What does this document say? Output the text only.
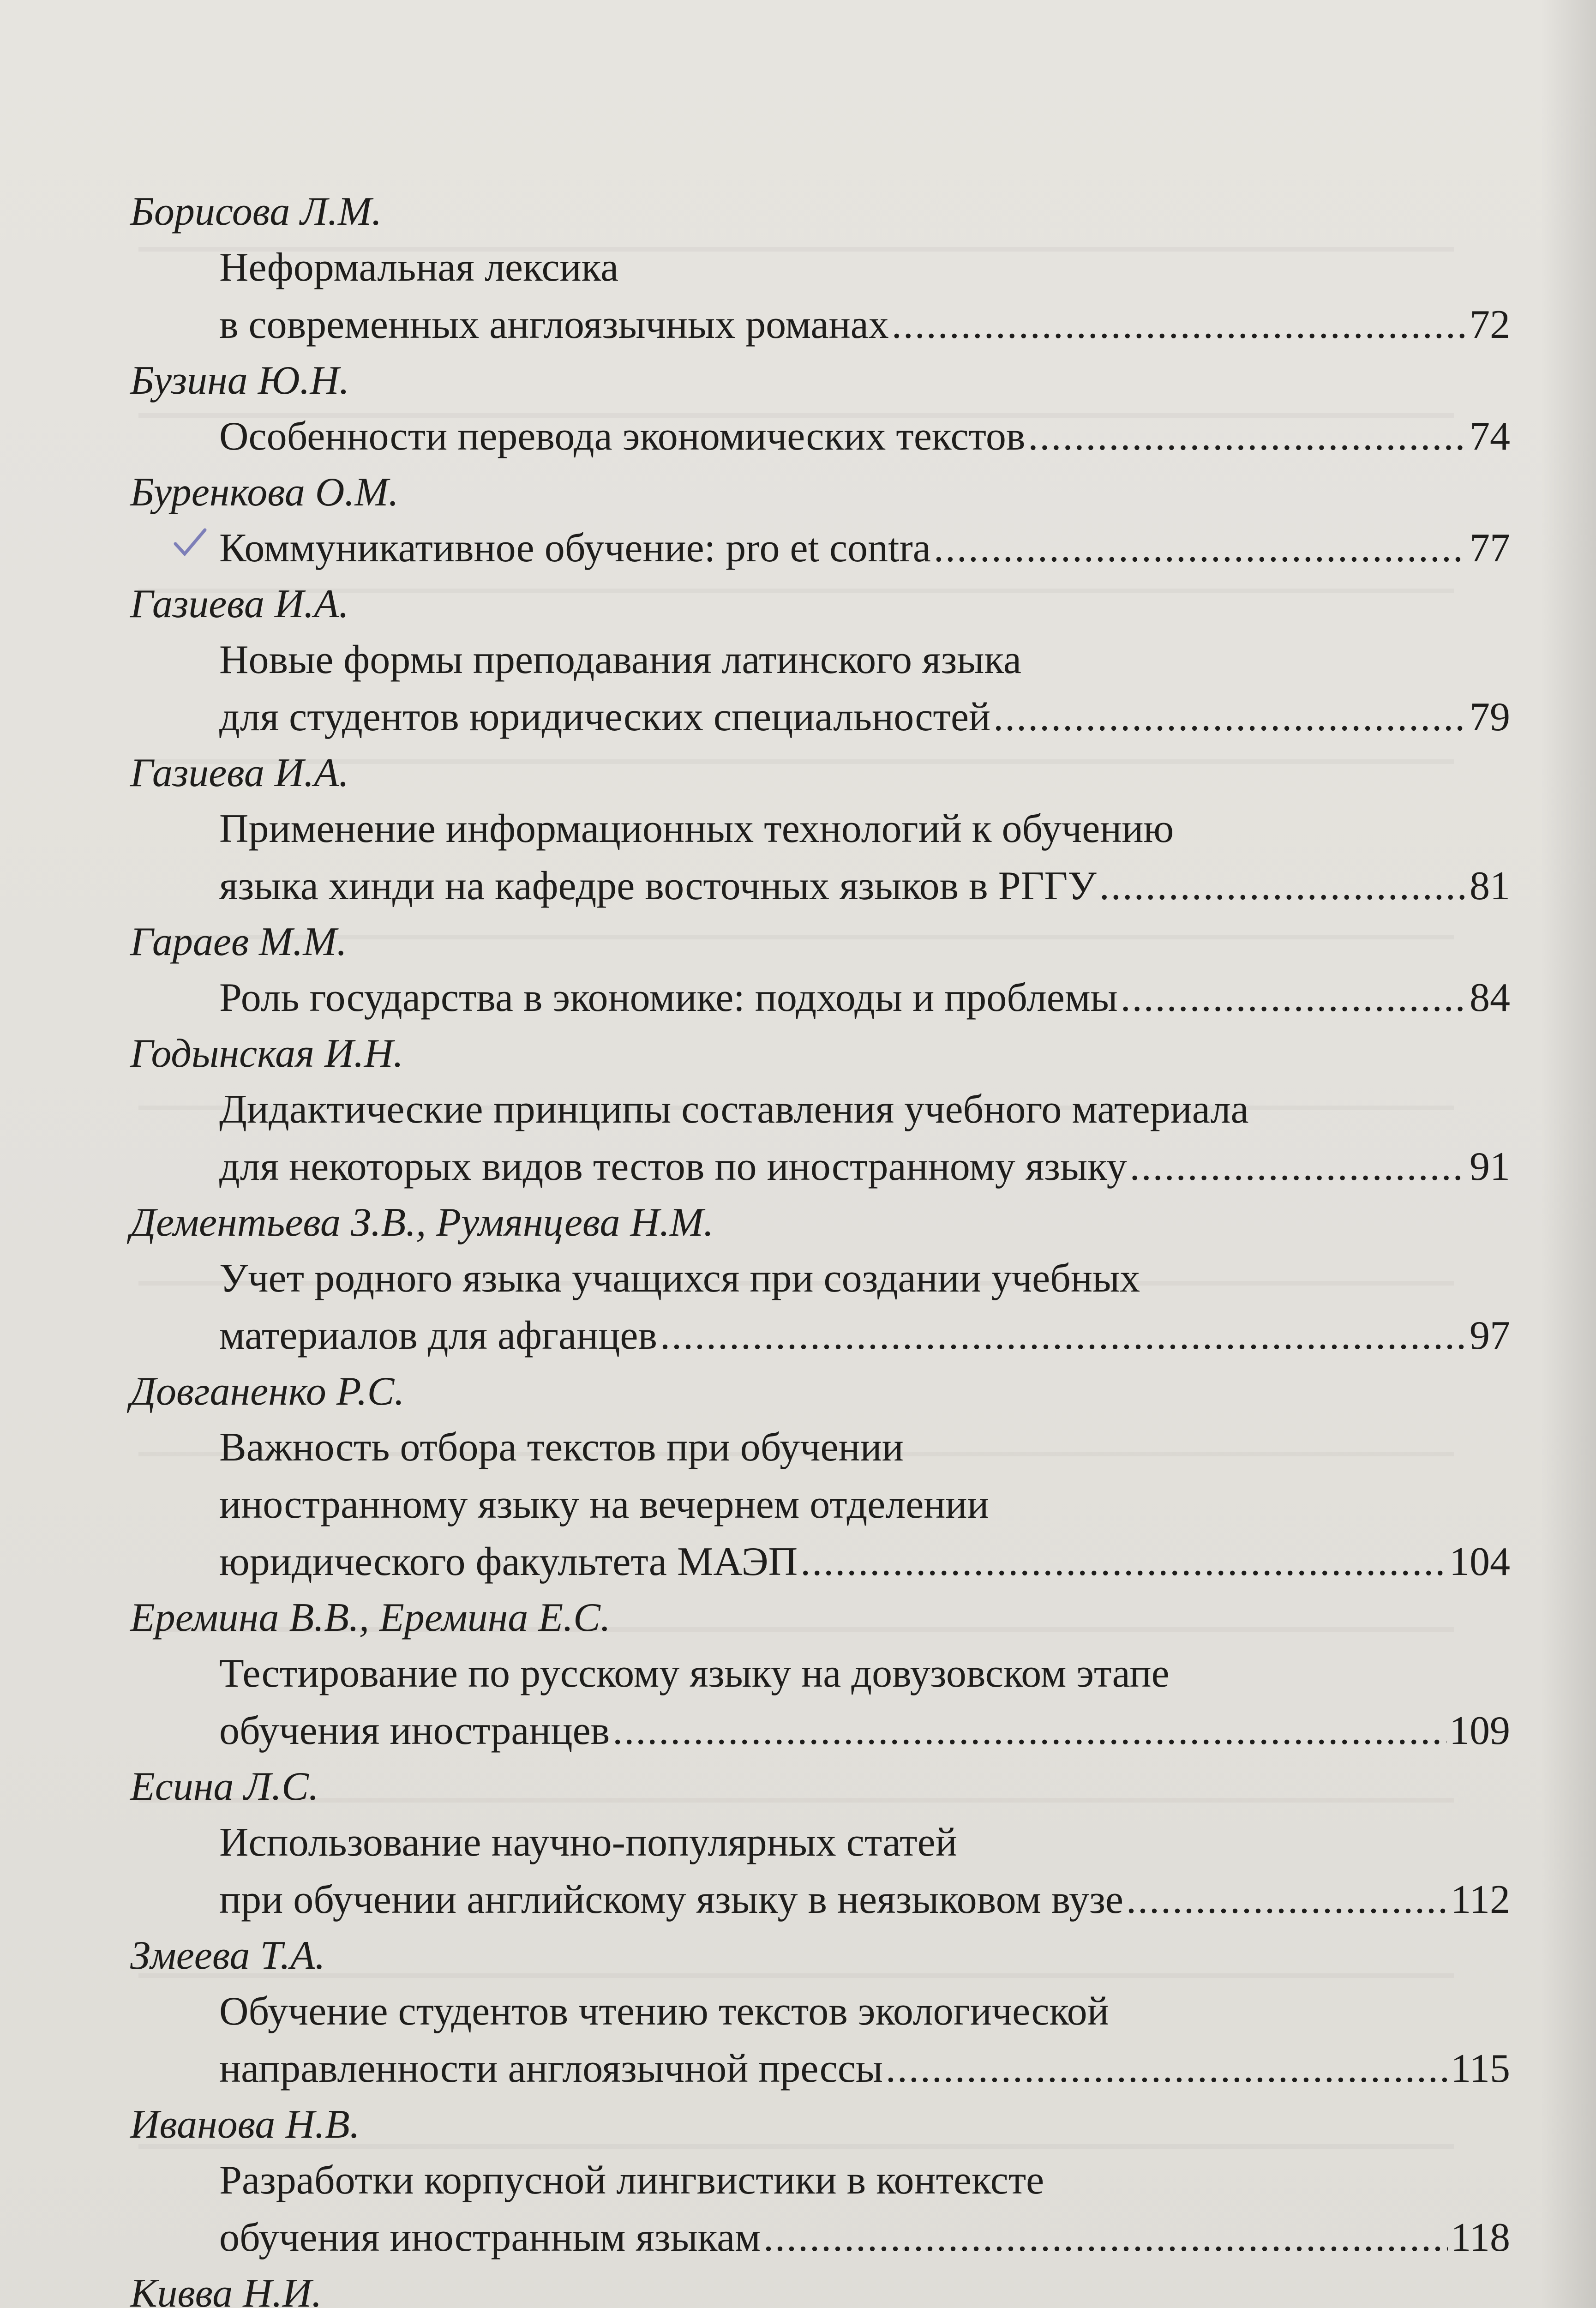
Борисова Л.М.
Неформальная лексика
в современных англоязычных романах .....	72
Бузина Ю.Н.
Особенности перевода экономических текстов .....	74
Буренкова О.М.
Коммуникативное обучение: pro et contra .....	77
Газиева И.А.
Новые формы преподавания латинского языка
для студентов юридических специальностей .....	79
Газиева И.А.
Применение информационных технологий к обучению
языка хинди на кафедре восточных языков в РГГУ .....	81
Гараев М.М.
Роль государства в экономике: подходы и проблемы .....	84
Годынская И.Н.
Дидактические принципы составления учебного материала
для некоторых видов тестов по иностранному языку .....	91
Дементьева З.В., Румянцева Н.М.
Учет родного языка учащихся при создании учебных
материалов для афганцев .....	97
Довганенко Р.С.
Важность отбора текстов при обучении
иностранному языку на вечернем отделении
юридического факультета МАЭП .....	104
Еремина В.В., Еремина Е.С.
Тестирование по русскому языку на довузовском этапе
обучения иностранцев .....	109
Есина Л.С.
Использование научно-популярных статей
при обучении английскому языку в неязыковом вузе .....	112
Змеева Т.А.
Обучение студентов чтению текстов экологической
направленности англоязычной прессы .....	115
Иванова Н.В.
Разработки корпусной лингвистики в контексте
обучения иностранным языкам .....	118
Кивва Н.И.
